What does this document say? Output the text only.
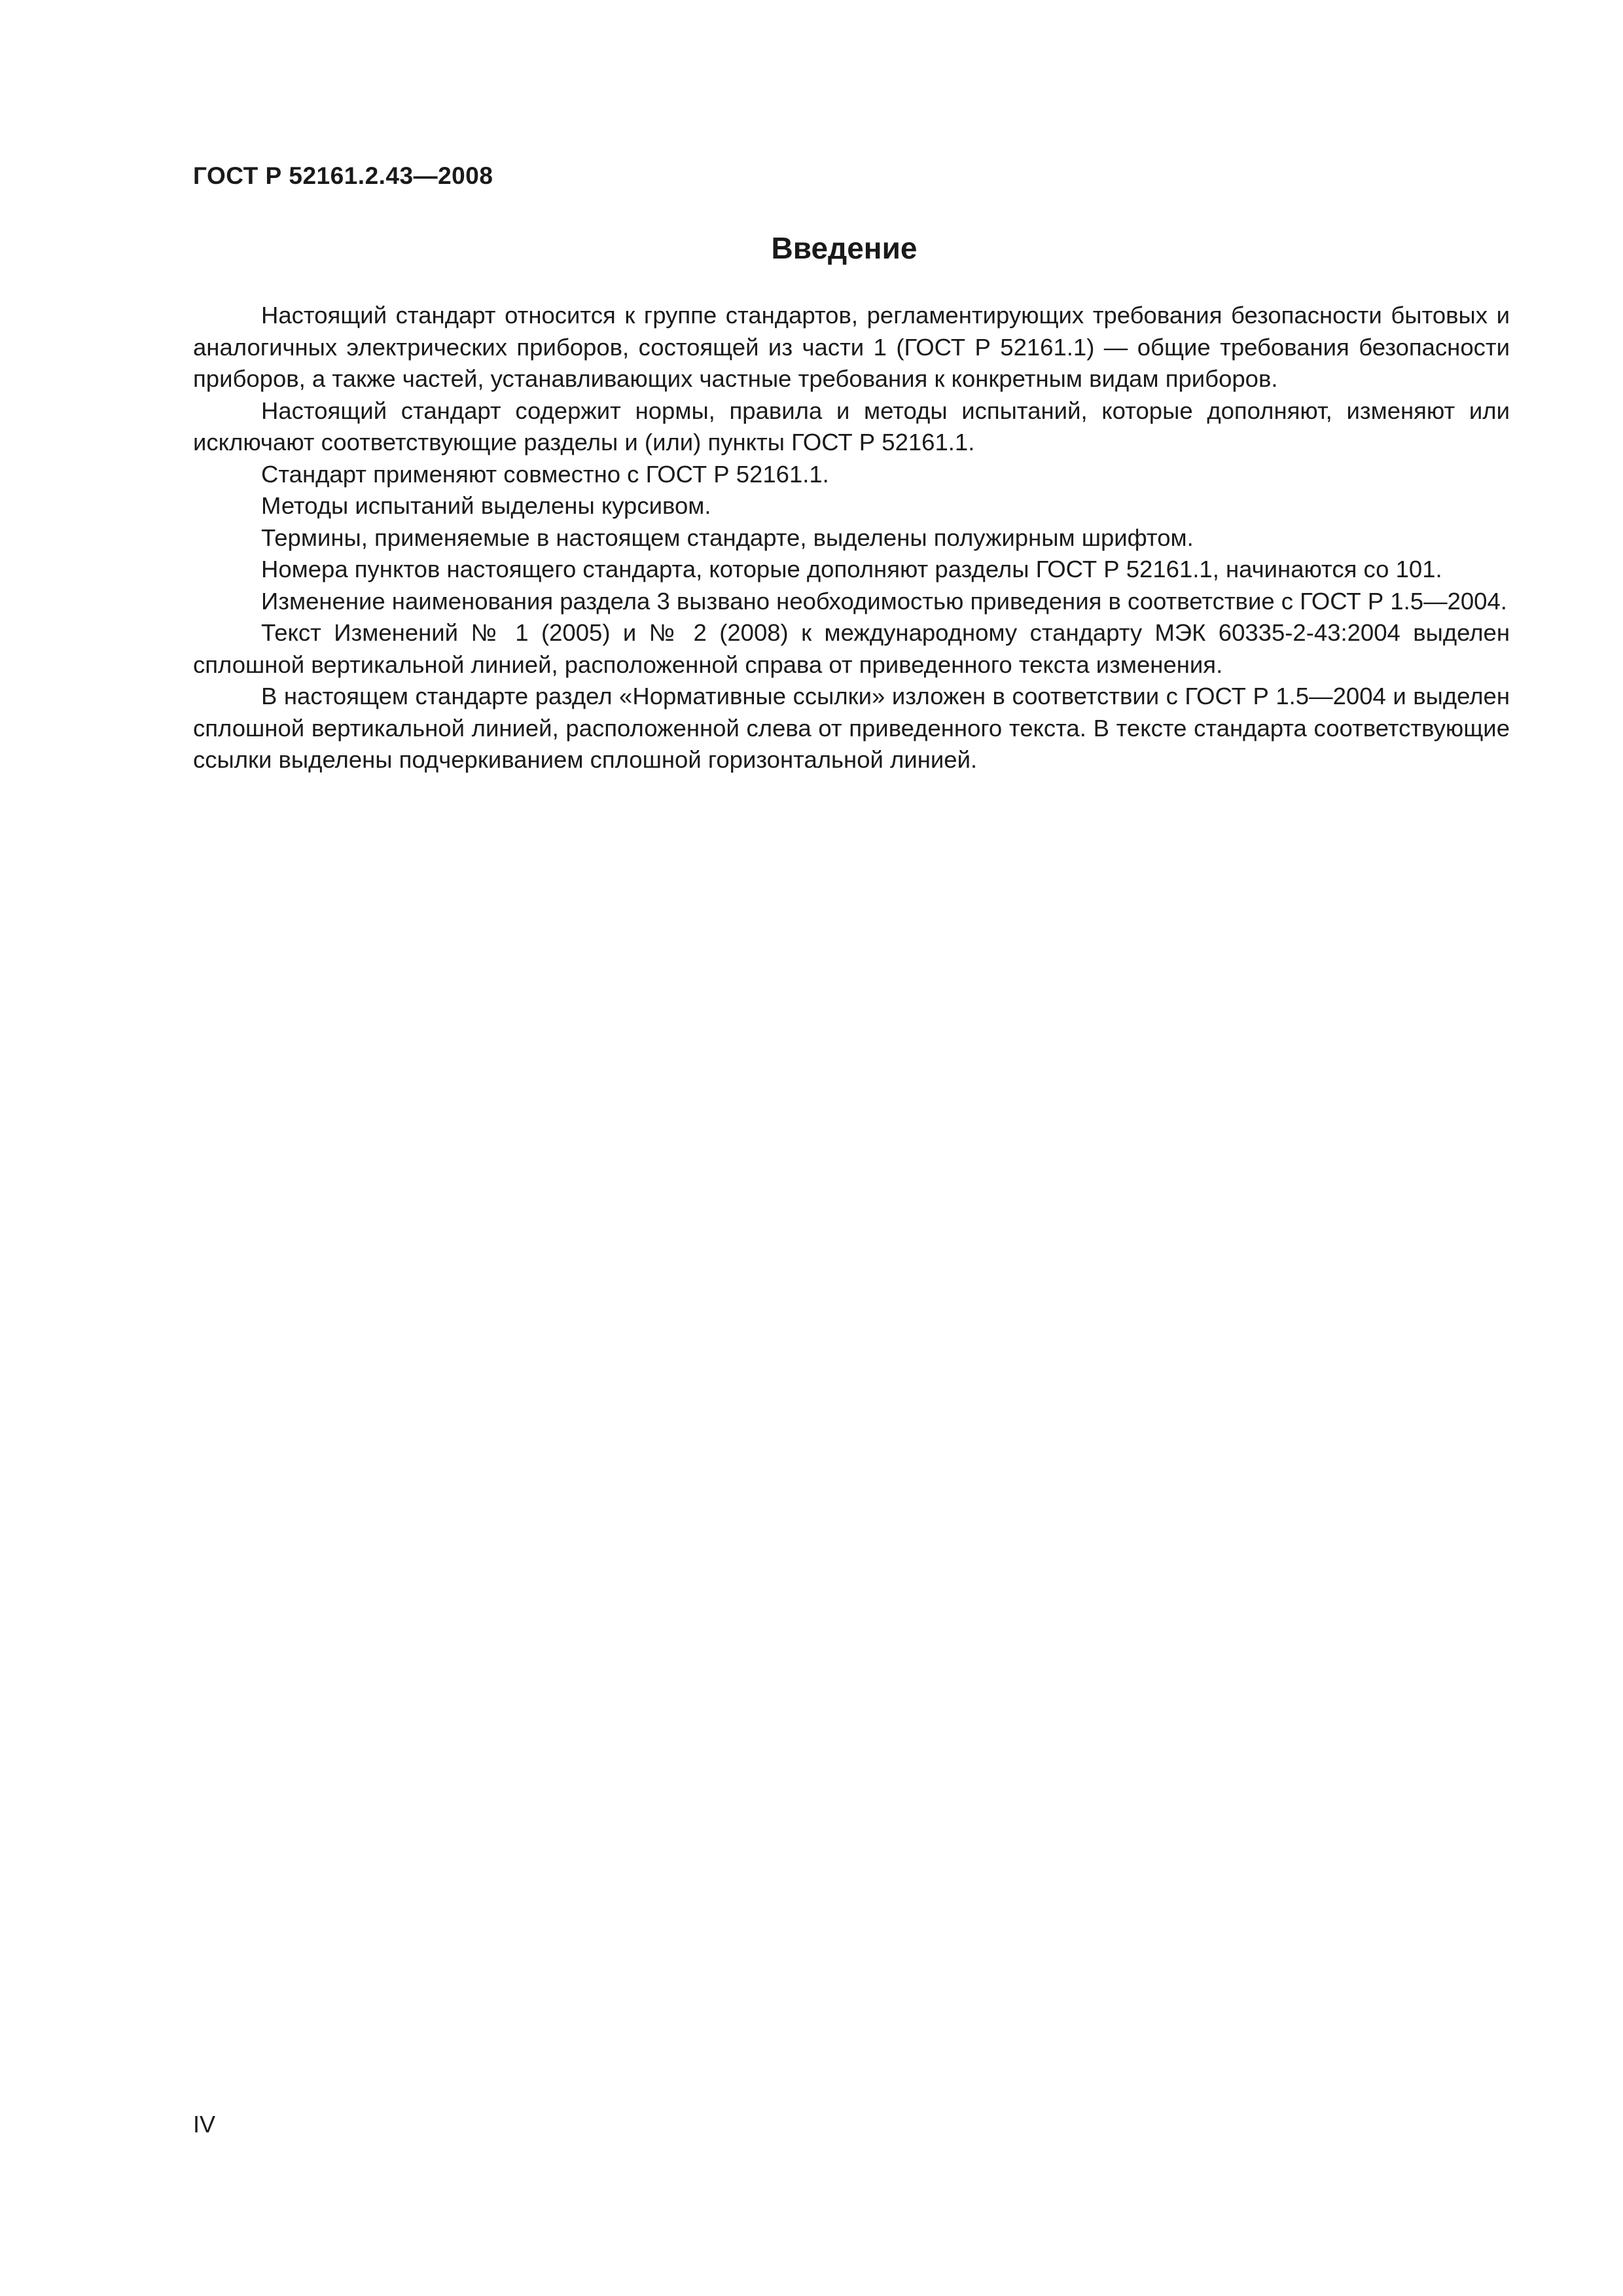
ГОСТ Р 52161.2.43—2008
Введение

Настоящий стандарт относится к группе стандартов, регламентирующих требования безопасности бытовых и аналогичных электрических приборов, состоящей из части 1 (ГОСТ Р 52161.1) — общие требования безопасности приборов, а также частей, устанавливающих частные требования к конкретным видам приборов.

Настоящий стандарт содержит нормы, правила и методы испытаний, которые дополняют, изменяют или исключают соответствующие разделы и (или) пункты ГОСТ Р 52161.1.

Стандарт применяют совместно с ГОСТ Р 52161.1.

Методы испытаний выделены курсивом.

Термины, применяемые в настоящем стандарте, выделены полужирным шрифтом.

Номера пунктов настоящего стандарта, которые дополняют разделы ГОСТ Р 52161.1, начинаются со 101.

Изменение наименования раздела 3 вызвано необходимостью приведения в соответствие с ГОСТ Р 1.5—2004.

Текст Изменений № 1 (2005) и № 2 (2008) к международному стандарту МЭК 60335-2-43:2004 выделен сплошной вертикальной линией, расположенной справа от приведенного текста изменения.

В настоящем стандарте раздел «Нормативные ссылки» изложен в соответствии с ГОСТ Р 1.5—2004 и выделен сплошной вертикальной линией, расположенной слева от приведенного текста. В тексте стандарта соответствующие ссылки выделены подчеркиванием сплошной горизонтальной линией.

IV
